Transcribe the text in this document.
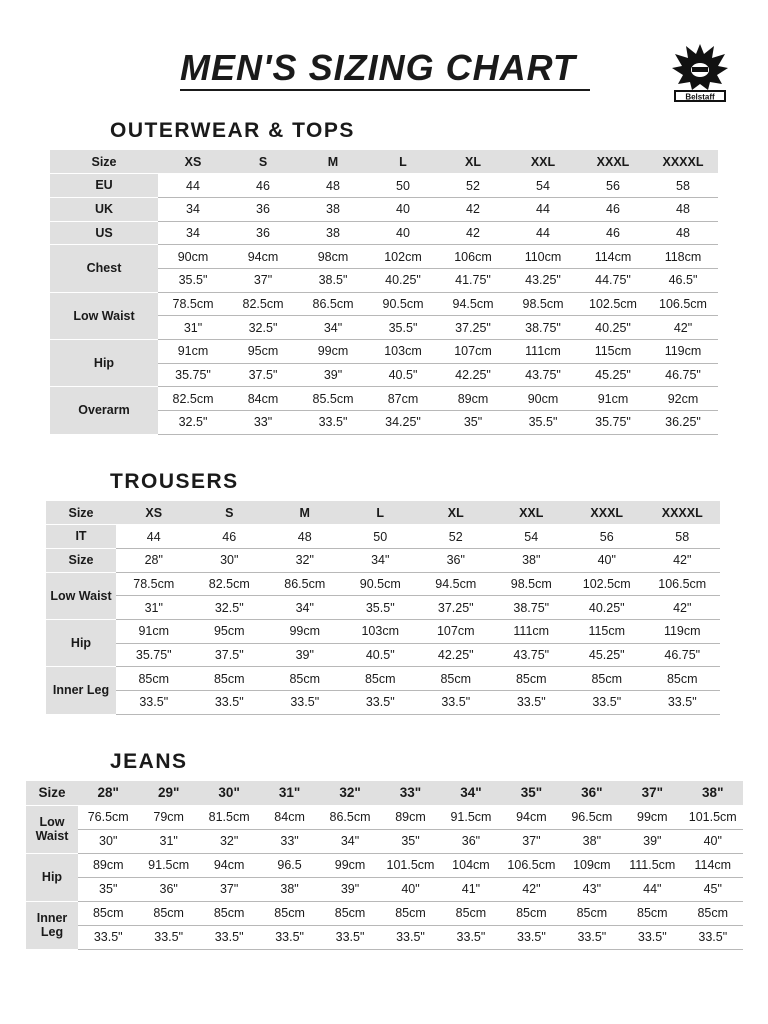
MEN'S SIZING CHART
Belstaff
OUTERWEAR & TOPS
Size	XS	S	M	L	XL	XXL	XXXL	XXXXL
EU	44	46	48	50	52	54	56	58
UK	34	36	38	40	42	44	46	48
US	34	36	38	40	42	44	46	48
Chest	90cm	94cm	98cm	102cm	106cm	110cm	114cm	118cm
	35.5"	37"	38.5"	40.25"	41.75"	43.25"	44.75"	46.5"
Low Waist	78.5cm	82.5cm	86.5cm	90.5cm	94.5cm	98.5cm	102.5cm	106.5cm
	31"	32.5"	34"	35.5"	37.25"	38.75"	40.25"	42"
Hip	91cm	95cm	99cm	103cm	107cm	111cm	115cm	119cm
	35.75"	37.5"	39"	40.5"	42.25"	43.75"	45.25"	46.75"
Overarm	82.5cm	84cm	85.5cm	87cm	89cm	90cm	91cm	92cm
	32.5"	33"	33.5"	34.25"	35"	35.5"	35.75"	36.25"
TROUSERS
Size	XS	S	M	L	XL	XXL	XXXL	XXXXL
IT	44	46	48	50	52	54	56	58
Size	28"	30"	32"	34"	36"	38"	40"	42"
Low Waist	78.5cm	82.5cm	86.5cm	90.5cm	94.5cm	98.5cm	102.5cm	106.5cm
	31"	32.5"	34"	35.5"	37.25"	38.75"	40.25"	42"
Hip	91cm	95cm	99cm	103cm	107cm	111cm	115cm	119cm
	35.75"	37.5"	39"	40.5"	42.25"	43.75"	45.25"	46.75"
Inner Leg	85cm	85cm	85cm	85cm	85cm	85cm	85cm	85cm
	33.5"	33.5"	33.5"	33.5"	33.5"	33.5"	33.5"	33.5"
JEANS
Size	28"	29"	30"	31"	32"	33"	34"	35"	36"	37"	38"
Low Waist	76.5cm	79cm	81.5cm	84cm	86.5cm	89cm	91.5cm	94cm	96.5cm	99cm	101.5cm
	30"	31"	32"	33"	34"	35"	36"	37"	38"	39"	40"
Hip	89cm	91.5cm	94cm	96.5	99cm	101.5cm	104cm	106.5cm	109cm	111.5cm	114cm
	35"	36"	37"	38"	39"	40"	41"	42"	43"	44"	45"
Inner Leg	85cm	85cm	85cm	85cm	85cm	85cm	85cm	85cm	85cm	85cm	85cm
	33.5"	33.5"	33.5"	33.5"	33.5"	33.5"	33.5"	33.5"	33.5"	33.5"	33.5"
